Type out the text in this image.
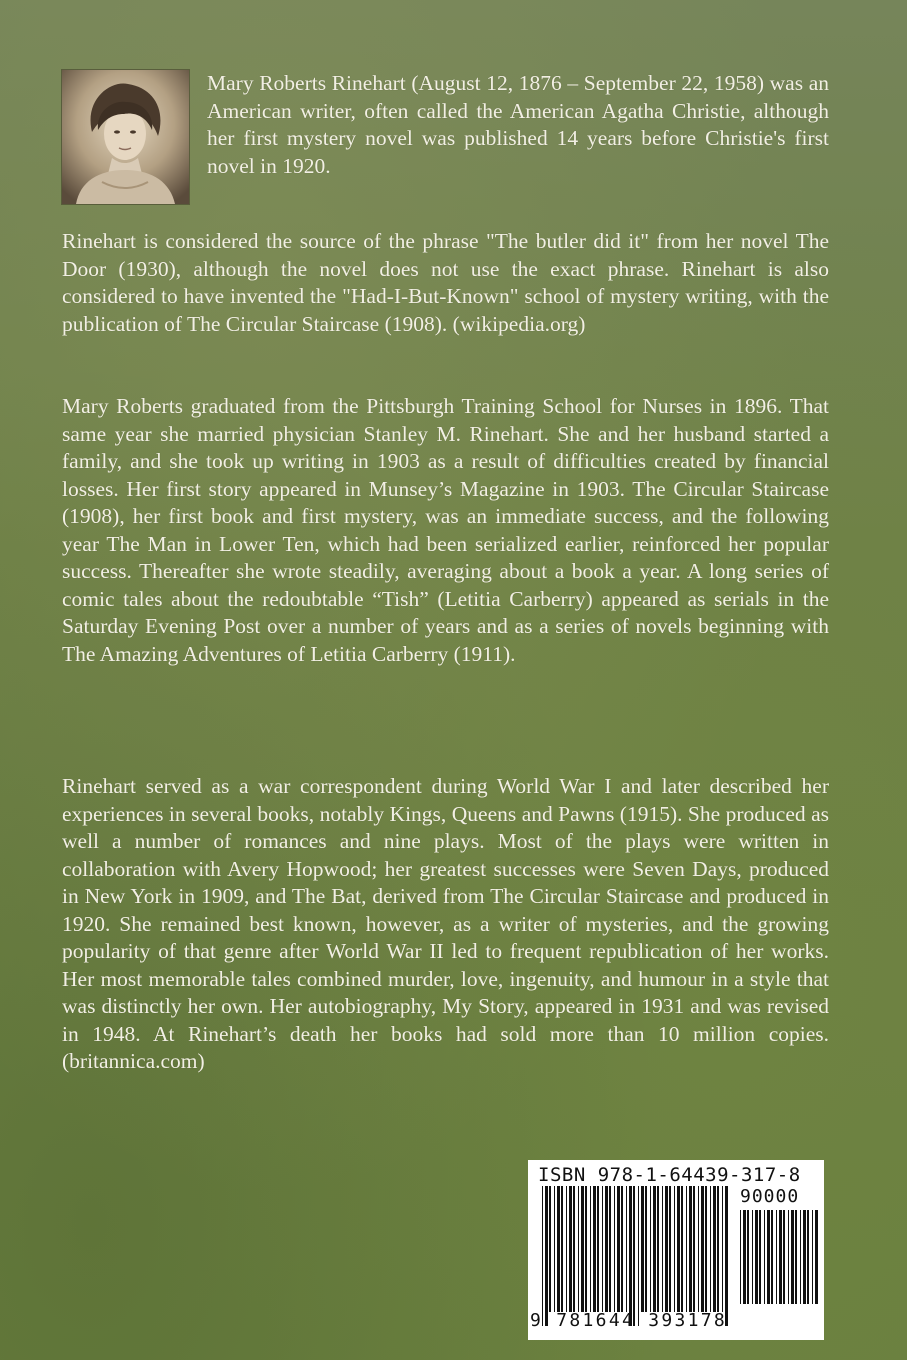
Mary Roberts Rinehart (August 12, 1876 – September 22, 1958) was an American writer, often called the American Agatha Christie, although her first mystery novel was published 14 years before Christie's first novel in 1920.

Rinehart is considered the source of the phrase "The butler did it" from her novel The Door (1930), although the novel does not use the exact phrase. Rinehart is also considered to have invented the "Had-I-But-Known" school of mystery writing, with the publication of The Circular Staircase (1908). (wikipedia.org)

Mary Roberts graduated from the Pittsburgh Training School for Nurses in 1896. That same year she married physician Stanley M. Rinehart. She and her husband started a family, and she took up writing in 1903 as a result of difficulties created by financial losses. Her first story appeared in Munsey’s Magazine in 1903. The Circular Staircase (1908), her first book and first mystery, was an immediate success, and the following year The Man in Lower Ten, which had been serialized earlier, reinforced her popular success. Thereafter she wrote steadily, averaging about a book a year. A long series of comic tales about the redoubtable “Tish” (Letitia Carberry) appeared as serials in the Saturday Evening Post over a number of years and as a series of novels beginning with The Amazing Adventures of Letitia Carberry (1911).

Rinehart served as a war correspondent during World War I and later described her experiences in several books, notably Kings, Queens and Pawns (1915). She produced as well a number of romances and nine plays. Most of the plays were written in collaboration with Avery Hopwood; her greatest successes were Seven Days, produced in New York in 1909, and The Bat, derived from The Circular Staircase and produced in 1920. She remained best known, however, as a writer of mysteries, and the growing popularity of that genre after World War II led to frequent republication of her works. Her most memorable tales combined murder, love, ingenuity, and humour in a style that was distinctly her own. Her autobiography, My Story, appeared in 1931 and was revised in 1948. At Rinehart’s death her books had sold more than 10 million copies. (britannica.com)

ISBN 978-1-64439-317-8
90000
9 781644 393178
